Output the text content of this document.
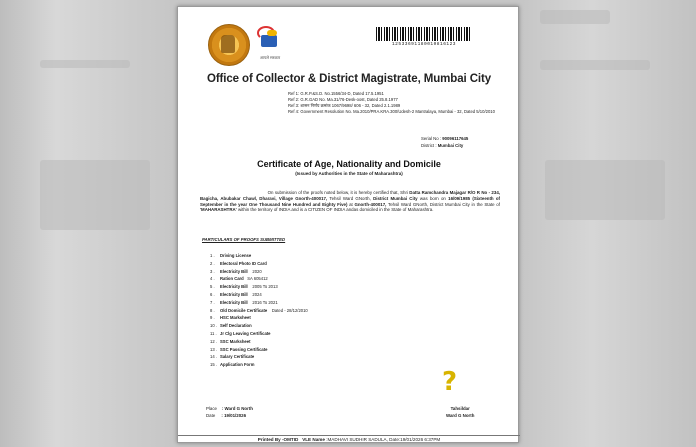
आपले सरकार
12533691180010816123
Office of Collector & District Magistrate, Mumbai City
Ref 1: G.R.P.&S.D. No.1556/34-D, Dated 17.5.1951
Ref 2: G.R.GAD No. Ma.31/76-Desk-oost, Dated 25.8.1977
Ref 3: शासन निर्णय क्रमांक 1067/9698/ 606 - 32, Dated 2.1.1989
Ref 4: Government Resolution No. Ma.2010/PRA.KRA.300/Udesh-2 Mantralaya, Mumbai - 32, Dated 5/10/2010
Serial No : 90096117645
District : Mumbai City
Certificate of Age, Nationality and Domicile
(Issued by Authorities in the State of Maharashtra)
On submission of the proofs noted below, it is hereby certified that, Shri Datta Ramchandra Majagar R/O R No - 234, Bagicha, Abubakar Chawl, Dharavi, Village Gnorth-400017, Tehsil Ward GNorth, District Mumbai City was born on 16/09/1985 (Sixteenth of September in the year One Thousand Nine Hundred and Eighty Five) at Gnorth-400017, Tehsil Ward GNorth, District Mumbai City in the State of 'MAHARASHTRA' within the territory of INDIA and is a CITIZEN OF INDIA andas domiciled in the State of Maharashtra.
PARTICULARS OF PROOFS SUBMITTED
1 . Driving License
2 . Electoral Photo ID Card
3 . Electricity Bill 2020
4 . Ration Card SA 605412
5 . Electricity Bill 2005 To 2013
6 . Electricity Bill 2024
7 . Electricity Bill 2016 To 2021
8 . Old Domicile Certificate Dated - 28/12/2010
9 . HSC Marksheet
10 . Self Declaration
11 . Jr Clg Leaving Certificate
12 . SSC Marksheet
13 . SSC Passing Certificate
14 . Salary Certificate
15 . Application Form
?
Place : Ward G North
Date : 19/01/2026
Tahsildar
Ward G North
Printed By -OMTID VLE Name :MADHAVI SUDHIR SADULA, Date:19/01/2026 6:37PM
